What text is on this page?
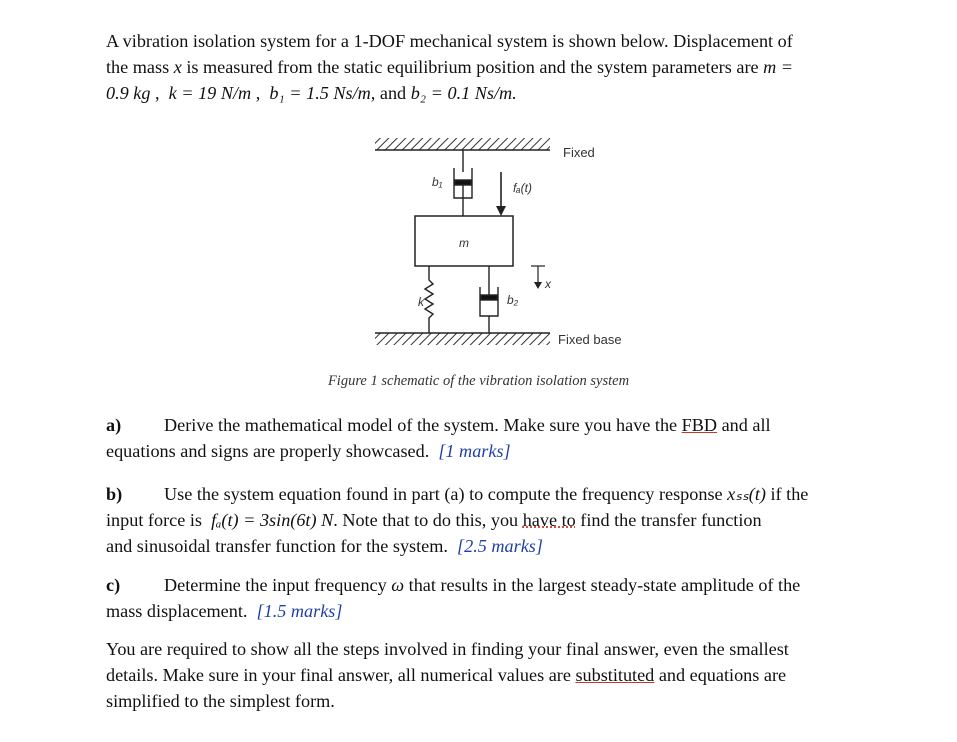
A vibration isolation system for a 1-DOF mechanical system is shown below. Displacement of
the mass x is measured from the static equilibrium position and the system parameters are m =
0.9 kg ,  k = 19 N/m ,  b₁ = 1.5 Ns/m, and b₂ = 0.1 Ns/m.
Fixed
Fixed base
b₁	fₐ(t)
m
x
k	b₂
Figure 1 schematic of the vibration isolation system
a) Derive the mathematical model of the system. Make sure you have the FBD and all
equations and signs are properly showcased. [1 marks]
b) Use the system equation found in part (a) to compute the frequency response xₛₛ(t) if the
input force is  fₐ(t) = 3sin(6t) N. Note that to do this, you have to find the transfer function
and sinusoidal transfer function for the system. [2.5 marks]
c) Determine the input frequency ω that results in the largest steady-state amplitude of the
mass displacement. [1.5 marks]
You are required to show all the steps involved in finding your final answer, even the smallest
details. Make sure in your final answer, all numerical values are substituted and equations are
simplified to the simplest form.
